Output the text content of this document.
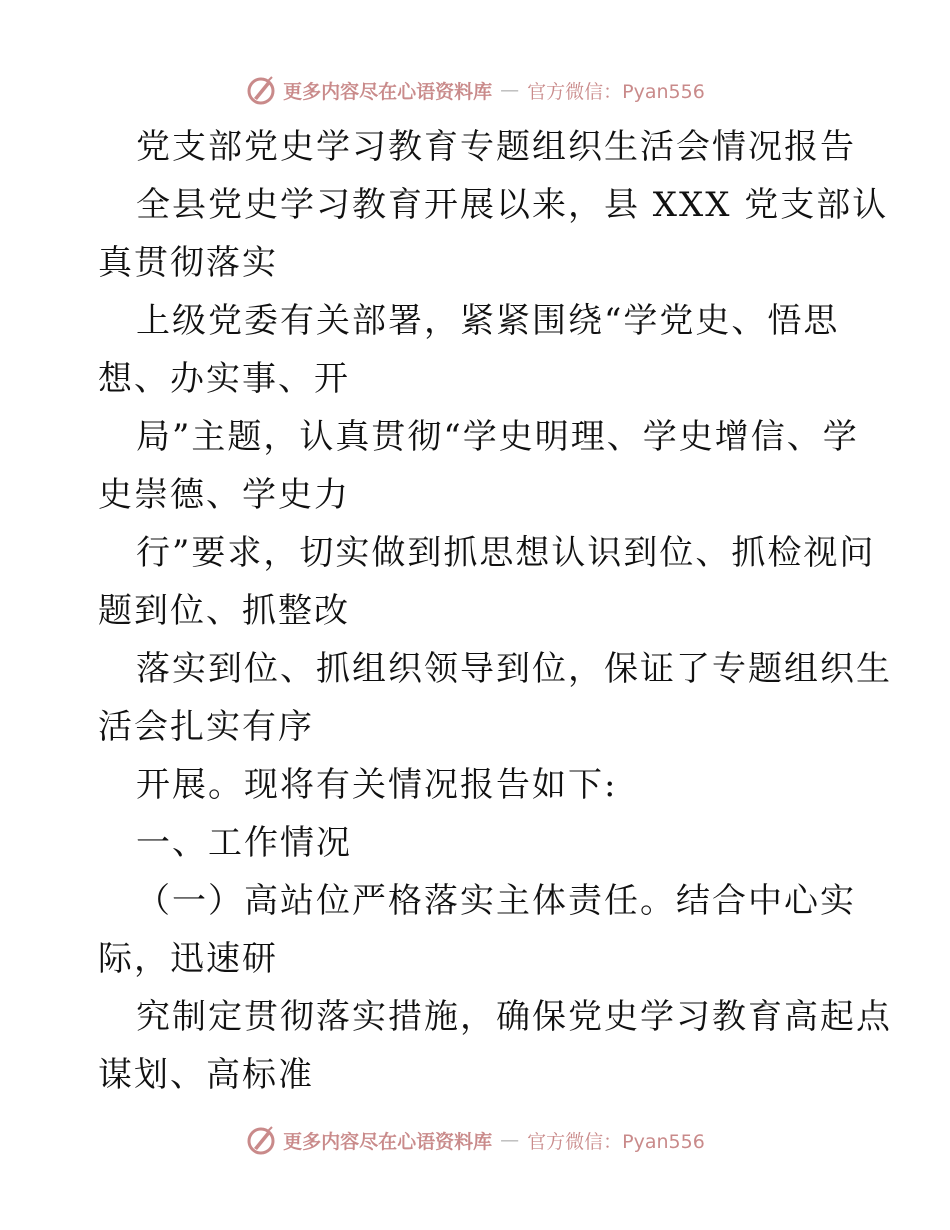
更多内容尽在心语资料库 — 官方微信：Pyan556
党支部党史学习教育专题组织生活会情况报告
全县党史学习教育开展以来，县 XXX 党支部认
真贯彻落实
上级党委有关部署，紧紧围绕“学党史、悟思
想、办实事、开
局”主题，认真贯彻“学史明理、学史增信、学
史崇德、学史力
行”要求，切实做到抓思想认识到位、抓检视问
题到位、抓整改
落实到位、抓组织领导到位，保证了专题组织生
活会扎实有序
开展。现将有关情况报告如下:
一、工作情况
（一）高站位严格落实主体责任。结合中心实
际，迅速研
究制定贯彻落实措施，确保党史学习教育高起点
谋划、高标准
更多内容尽在心语资料库 — 官方微信：Pyan556
